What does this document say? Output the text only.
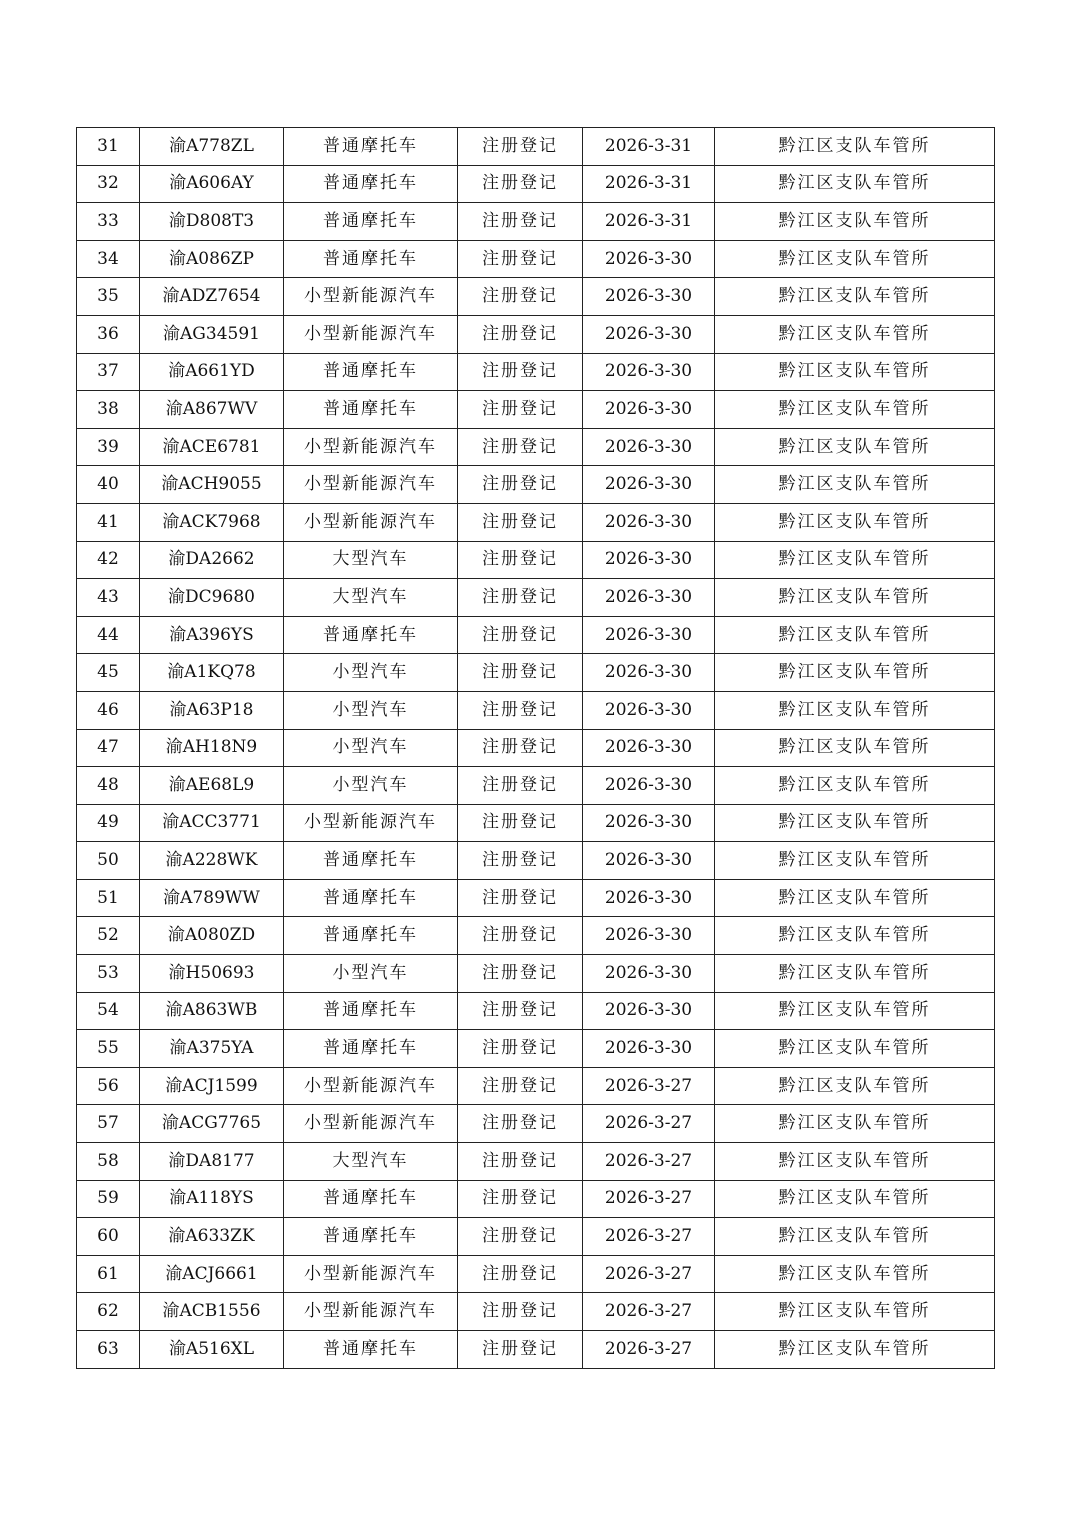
31	渝A778ZL	普通摩托车	注册登记	2026-3-31	黔江区支队车管所
32	渝A606AY	普通摩托车	注册登记	2026-3-31	黔江区支队车管所
33	渝D808T3	普通摩托车	注册登记	2026-3-31	黔江区支队车管所
34	渝A086ZP	普通摩托车	注册登记	2026-3-30	黔江区支队车管所
35	渝ADZ7654	小型新能源汽车	注册登记	2026-3-30	黔江区支队车管所
36	渝AG34591	小型新能源汽车	注册登记	2026-3-30	黔江区支队车管所
37	渝A661YD	普通摩托车	注册登记	2026-3-30	黔江区支队车管所
38	渝A867WV	普通摩托车	注册登记	2026-3-30	黔江区支队车管所
39	渝ACE6781	小型新能源汽车	注册登记	2026-3-30	黔江区支队车管所
40	渝ACH9055	小型新能源汽车	注册登记	2026-3-30	黔江区支队车管所
41	渝ACK7968	小型新能源汽车	注册登记	2026-3-30	黔江区支队车管所
42	渝DA2662	大型汽车	注册登记	2026-3-30	黔江区支队车管所
43	渝DC9680	大型汽车	注册登记	2026-3-30	黔江区支队车管所
44	渝A396YS	普通摩托车	注册登记	2026-3-30	黔江区支队车管所
45	渝A1KQ78	小型汽车	注册登记	2026-3-30	黔江区支队车管所
46	渝A63P18	小型汽车	注册登记	2026-3-30	黔江区支队车管所
47	渝AH18N9	小型汽车	注册登记	2026-3-30	黔江区支队车管所
48	渝AE68L9	小型汽车	注册登记	2026-3-30	黔江区支队车管所
49	渝ACC3771	小型新能源汽车	注册登记	2026-3-30	黔江区支队车管所
50	渝A228WK	普通摩托车	注册登记	2026-3-30	黔江区支队车管所
51	渝A789WW	普通摩托车	注册登记	2026-3-30	黔江区支队车管所
52	渝A080ZD	普通摩托车	注册登记	2026-3-30	黔江区支队车管所
53	渝H50693	小型汽车	注册登记	2026-3-30	黔江区支队车管所
54	渝A863WB	普通摩托车	注册登记	2026-3-30	黔江区支队车管所
55	渝A375YA	普通摩托车	注册登记	2026-3-30	黔江区支队车管所
56	渝ACJ1599	小型新能源汽车	注册登记	2026-3-27	黔江区支队车管所
57	渝ACG7765	小型新能源汽车	注册登记	2026-3-27	黔江区支队车管所
58	渝DA8177	大型汽车	注册登记	2026-3-27	黔江区支队车管所
59	渝A118YS	普通摩托车	注册登记	2026-3-27	黔江区支队车管所
60	渝A633ZK	普通摩托车	注册登记	2026-3-27	黔江区支队车管所
61	渝ACJ6661	小型新能源汽车	注册登记	2026-3-27	黔江区支队车管所
62	渝ACB1556	小型新能源汽车	注册登记	2026-3-27	黔江区支队车管所
63	渝A516XL	普通摩托车	注册登记	2026-3-27	黔江区支队车管所
